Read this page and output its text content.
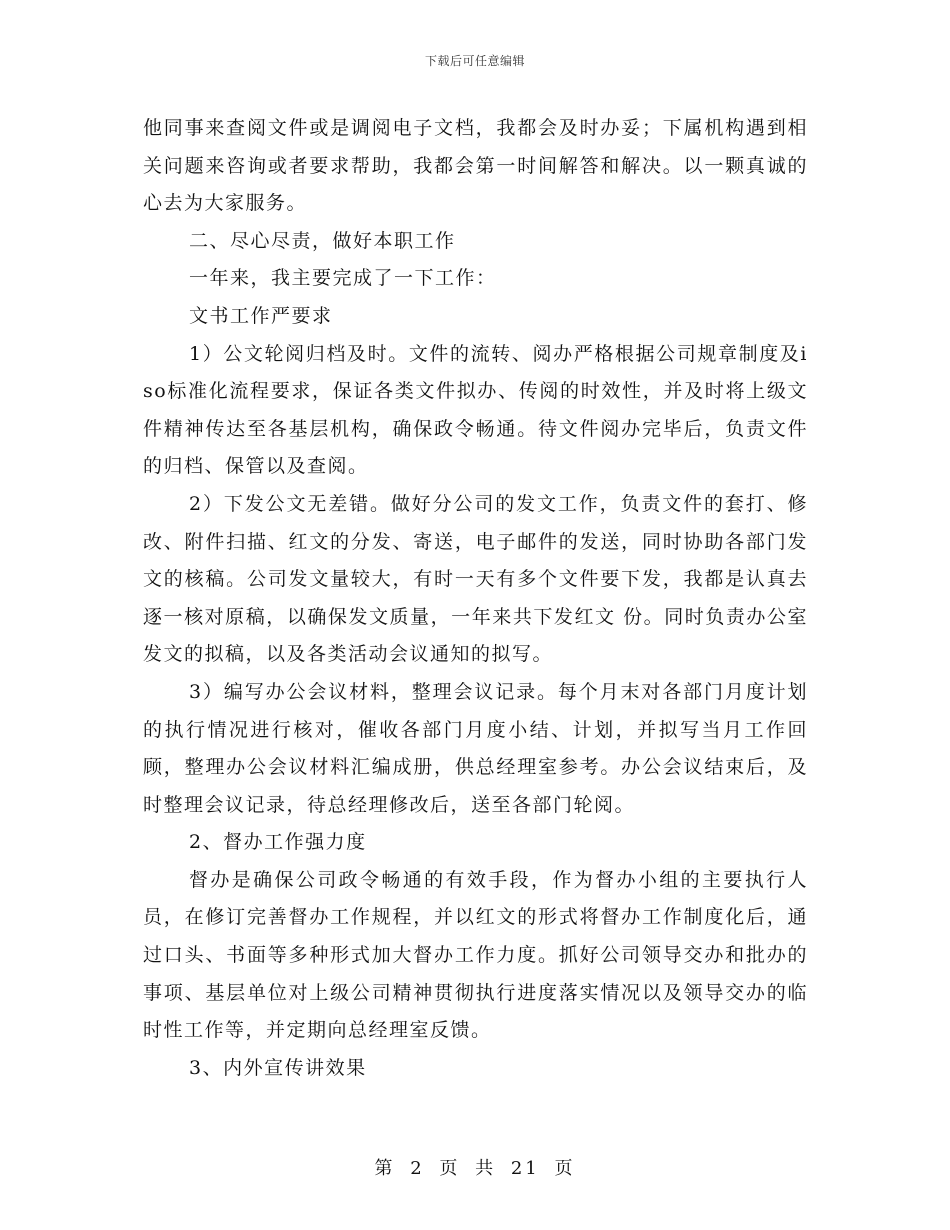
下载后可任意编辑

他同事来查阅文件或是调阅电子文档，我都会及时办妥；下属机构遇到相关问题来咨询或者要求帮助，我都会第一时间解答和解决。以一颗真诚的心去为大家服务。

二、尽心尽责，做好本职工作

一年来，我主要完成了一下工作：

文书工作严要求

1）公文轮阅归档及时。文件的流转、阅办严格根据公司规章制度及iso标准化流程要求，保证各类文件拟办、传阅的时效性，并及时将上级文件精神传达至各基层机构，确保政令畅通。待文件阅办完毕后，负责文件的归档、保管以及查阅。

2）下发公文无差错。做好分公司的发文工作，负责文件的套打、修改、附件扫描、红文的分发、寄送，电子邮件的发送，同时协助各部门发文的核稿。公司发文量较大，有时一天有多个文件要下发，我都是认真去逐一核对原稿，以确保发文质量，一年来共下发红文 份。同时负责办公室发文的拟稿，以及各类活动会议通知的拟写。

3）编写办公会议材料，整理会议记录。每个月末对各部门月度计划的执行情况进行核对，催收各部门月度小结、计划，并拟写当月工作回顾，整理办公会议材料汇编成册，供总经理室参考。办公会议结束后，及时整理会议记录，待总经理修改后，送至各部门轮阅。

2、督办工作强力度

督办是确保公司政令畅通的有效手段，作为督办小组的主要执行人员，在修订完善督办工作规程，并以红文的形式将督办工作制度化后，通过口头、书面等多种形式加大督办工作力度。抓好公司领导交办和批办的事项、基层单位对上级公司精神贯彻执行进度落实情况以及领导交办的临时性工作等，并定期向总经理室反馈。

3、内外宣传讲效果

第 2 页 共 21 页
